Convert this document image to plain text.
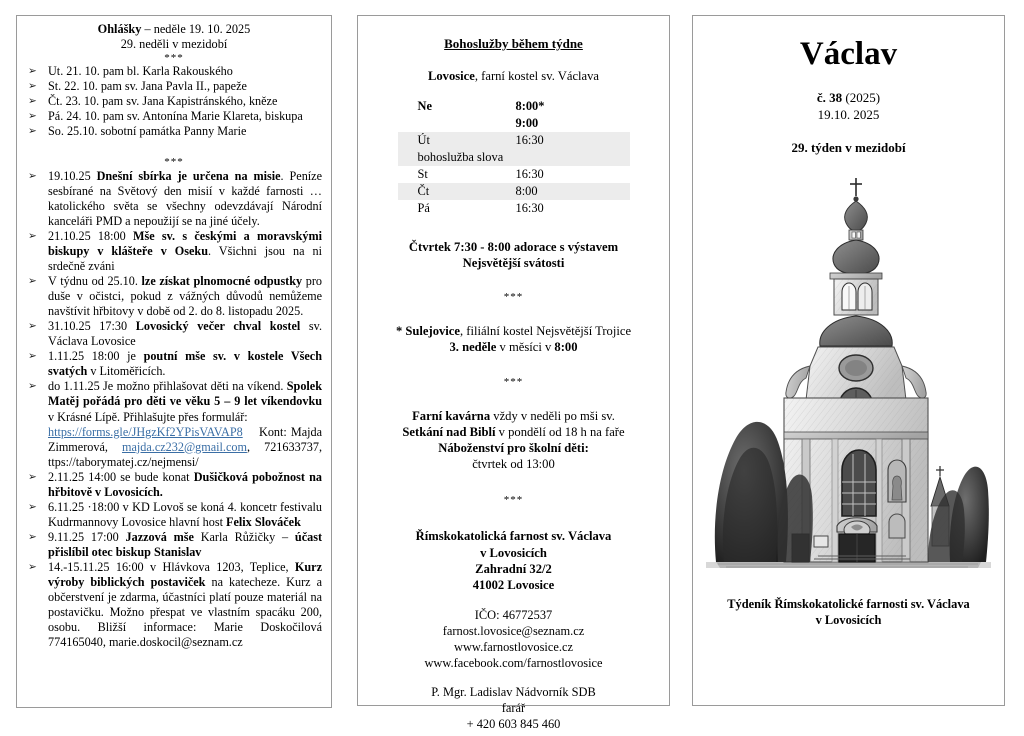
Ohlášky – neděle 19. 10. 2025
29. neděli v mezidobí
***
➢ Ut. 21. 10. pam bl. Karla Rakouského
➢ St. 22. 10. pam sv. Jana Pavla II., papeže
➢ Čt. 23. 10. pam sv. Jana Kapistránského, kněze
➢ Pá. 24. 10. pam sv. Antonína Marie Klareta, biskupa
➢ So. 25.10. sobotní památka Panny Marie
***
➢ 19.10.25 Dnešní sbírka je určena na misie. Peníze sesbírané na Světový den misií v každé farnosti …katolického světa se všechny odevzdávají Národní kanceláři PMD a nepoužijí se na jiné účely.
➢ 21.10.25 18:00 Mše sv. s českými a moravskými biskupy v klášteře v Oseku. Všichni jsou na ni srdečně zváni
➢ V týdnu od 25.10. lze získat plnomocné odpustky pro duše v očistci, pokud z vážných důvodů nemůžeme navštívit hřbitovy v době od 2. do 8. listopadu 2025.
➢ 31.10.25 17:30 Lovosický večer chval kostel sv. Václava Lovosice
➢ 1.11.25 18:00 je poutní mše sv. v kostele Všech svatých v Litoměřicích.
➢ do 1.11.25 Je možno přihlašovat děti na víkend. Spolek Matěj pořádá pro děti ve věku 5 – 9 let víkendovku v Krásné Lípě. Přihlašujte přes formulář:
https://forms.gle/JHgzKf2YPisVAVAP8    Kont: Majda Zimmerová, majda.cz232@gmail.com, 721633737, ttps://taborymatej.cz/nejmensi/
➢ 2.11.25 14:00 se bude konat Dušičková pobožnost na hřbitově v Lovosicích.
➢ 6.11.25 ·18:00 v KD Lovoš se koná 4. koncetr festivalu Kudrmannovy Lovosice hlavní host Felix Slováček
➢ 9.11.25 17:00 Jazzová mše Karla Růžičky – účast přislíbil otec biskup Stanislav
➢ 14.-15.11.25 16:00 v Hlávkova 1203, Teplice, Kurz výroby biblických postaviček na katecheze. Kurz a občerstvení je zdarma, účastníci platí pouze materiál na postavičku. Možno přespat ve vlastním spacáku 200, osobu. Bližší informace: Marie Doskočilová 774165040, marie.doskocil@seznam.cz
Bohoslužby během týdne
Lovosice, farní kostel sv. Václava
Ne	8:00*
	9:00
Út	16:30
bohoslužba slova	
St	16:30
Čt	8:00
Pá	16:30
Čtvrtek 7:30 - 8:00 adorace s výstavem
Nejsvětější svátosti
***
* Sulejovice, filiální kostel Nejsvětější Trojice
3. neděle v měsíci v 8:00
***
Farní kavárna vždy v neděli po mši sv.
Setkání nad Biblí v pondělí od 18 h na faře
Náboženství pro školní děti:
čtvrtek od 13:00
***
Římskokatolická farnost sv. Václava
v Lovosicích
Zahradní 32/2
41002 Lovosice
IČO: 46772537
farnost.lovosice@seznam.cz
www.farnostlovosice.cz
www.facebook.com/farnostlovosice
P. Mgr. Ladislav Nádvorník SDB
farář
+ 420 603 845 460
Václav
č. 38 (2025)
19.10. 2025
29. týden v mezidobí
Týdeník Římskokatolické farnosti sv. Václava
v Lovosicích
